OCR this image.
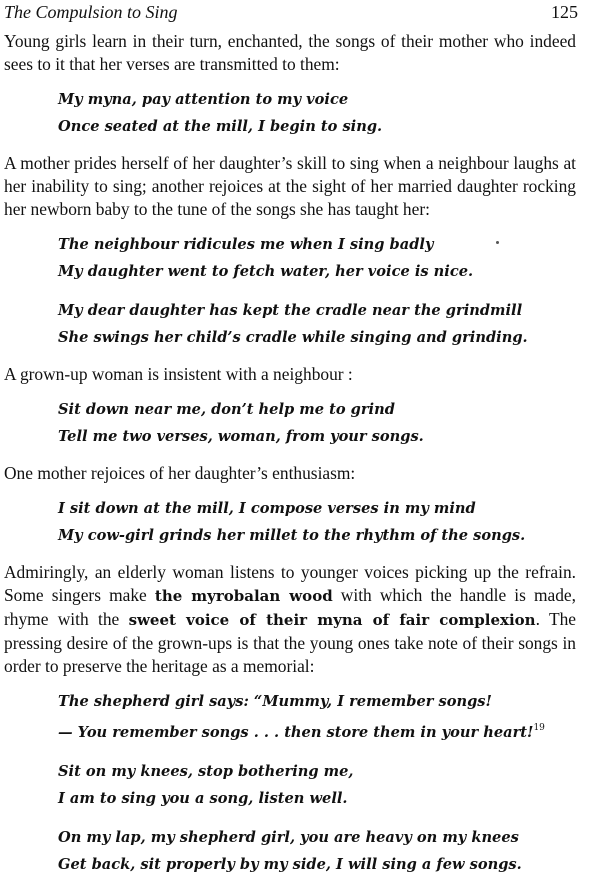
The Compulsion to Sing	125

Young girls learn in their turn, enchanted, the songs of their mother who indeed sees to it that her verses are transmitted to them:

My myna, pay attention to my voice
Once seated at the mill, I begin to sing.

A mother prides herself of her daughter’s skill to sing when a neighbour laughs at her inability to sing; another rejoices at the sight of her married daughter rocking her newborn baby to the tune of the songs she has taught her:

The neighbour ridicules me when I sing badly
My daughter went to fetch water, her voice is nice.
My dear daughter has kept the cradle near the grindmill
She swings her child’s cradle while singing and grinding.

A grown-up woman is insistent with a neighbour :

Sit down near me, don’t help me to grind
Tell me two verses, woman, from your songs.

One mother rejoices of her daughter’s enthusiasm:

I sit down at the mill, I compose verses in my mind
My cow-girl grinds her millet to the rhythm of the songs.

Admiringly, an elderly woman listens to younger voices picking up the refrain. Some singers make the myrobalan wood with which the handle is made, rhyme with the sweet voice of their myna of fair complexion. The pressing desire of the grown-ups is that the young ones take note of their songs in order to preserve the heritage as a memorial:

The shepherd girl says: “Mummy, I remember songs!
— You remember songs . . . then store them in your heart!$^{19}$
Sit on my knees, stop bothering me,
I am to sing you a song, listen well.
On my lap, my shepherd girl, you are heavy on my knees
Get back, sit properly by my side, I will sing a few songs.
